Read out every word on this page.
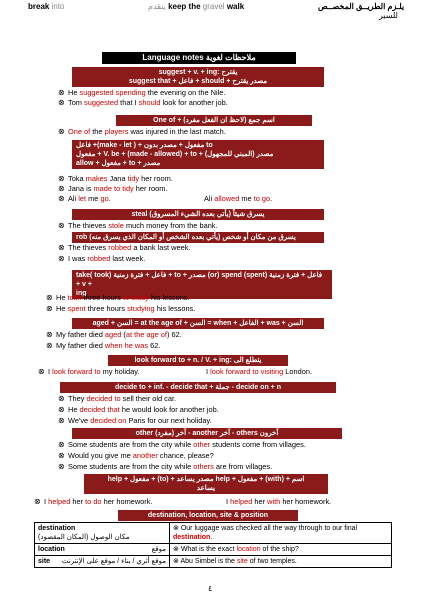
break into	يتقدم keep the gravel walk	يلـزم الطريــق المخصــص
للسير
Language notes ملاحظات لغوية
suggest + v. + ing: يقترح
suggest that + فاعل + should + مصدر يقترح
⊗ He suggested spending the evening on the Nile.
⊗ Tom suggested that I should look for another job.
One of + اسم جمع (لاحظ ان الفعل مفرد)
⊗ One of the players was injured in the last match.
فاعل +(make - let ) + مفعول + مصدر بدون to
مفعول + V. be + (made - allowed) + to + مصدر (المبني للمجهول)
allow + مفعول + to + مصدر
⊗ Toka makes Jana tidy her room.
⊗ Jana is made to tidy her room.
⊗ Ali let me go.	Ali allowed me to go.
steal يسرق شيئاً (يأتي بعده الشيء المسروق)
⊗ The thieves stole much money from the bank.
rob يسرق من مكان أو شخص (يأتي بعده الشخص أو المكان الذي يسرق منه)
⊗ The thieves robbed a bank last week.
⊗ I was robbed last week.
take( took) فاعل + فترة زمنية + to + مصدر (or) spend (spent) فاعل + فترة زمنية + v +
ing
⊗ He took three hours to study his lessons.
⊗ He spent three hours studying his lessons.
aged + السن = at the age of + السن = when + الفاعل + was + السن
⊗ My father died aged (at the age of) 62.
⊗ My father died when he was 62.
look forward to + n. / V. + ing: يتطلع الى
⊗ I look forward to my holiday.	I look forward to visiting London.
decide to + inf. - decide that + جملة - decide on + n
⊗ They decided to sell their old car.
⊗ He decided that he would look for another job.
⊗ We've decided on Paris for our next holiday.
other آخر (مفرد) - another آخر - others آخرون
⊗ Some students are from the city while other students come from villages.
⊗ Would you give me another chance, please?
⊗ Some students are from the city while others are from villages.
help + مفعول + (to) + مصدر يساعد help + مفعول + (with) + اسم
يساعد
⊗ I helped her to do her homework.	I helped her with her homework.
destination, location, site & position
destination
مكان الوصول (المكان المقصود)	⊗ Our luggage was checked all the way through to our final destination.
location موقع	⊗ What is the exact location of the ship?
site موقع أثري / بناء / موقع على الإنترنت	⊗ Abu Simbel is the site of two temples.
٤
